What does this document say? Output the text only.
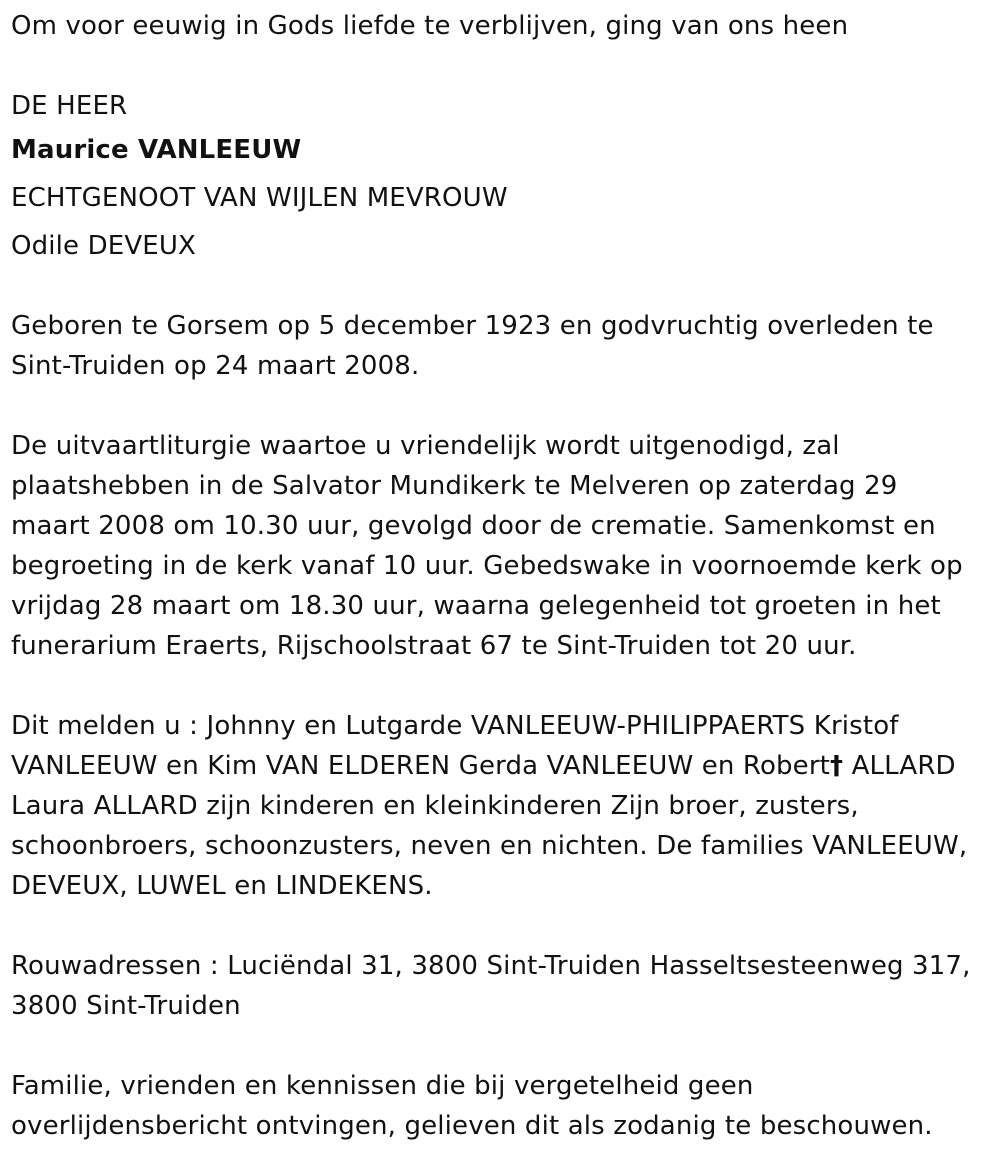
Om voor eeuwig in Gods liefde te verblijven, ging van ons heen

DE HEER

Maurice VANLEEUW

ECHTGENOOT VAN WIJLEN MEVROUW

Odile DEVEUX

Geboren te Gorsem op 5 december 1923 en godvruchtig overleden te

Sint-Truiden op 24 maart 2008.

De uitvaartliturgie waartoe u vriendelijk wordt uitgenodigd, zal

plaatshebben in de Salvator Mundikerk te Melveren op zaterdag 29

maart 2008 om 10.30 uur, gevolgd door de crematie. Samenkomst en

begroeting in de kerk vanaf 10 uur. Gebedswake in voornoemde kerk op

vrijdag 28 maart om 18.30 uur, waarna gelegenheid tot groeten in het

funerarium Eraerts, Rijschoolstraat 67 te Sint-Truiden tot 20 uur.

Dit melden u : Johnny en Lutgarde VANLEEUW-PHILIPPAERTS Kristof

VANLEEUW en Kim VAN ELDEREN Gerda VANLEEUW en Robert† ALLARD

Laura ALLARD zijn kinderen en kleinkinderen Zijn broer, zusters,

schoonbroers, schoonzusters, neven en nichten. De families VANLEEUW,

DEVEUX, LUWEL en LINDEKENS.

Rouwadressen : Luciëndal 31, 3800 Sint-Truiden Hasseltsesteenweg 317,

3800 Sint-Truiden

Familie, vrienden en kennissen die bij vergetelheid geen

overlijdensbericht ontvingen, gelieven dit als zodanig te beschouwen.
